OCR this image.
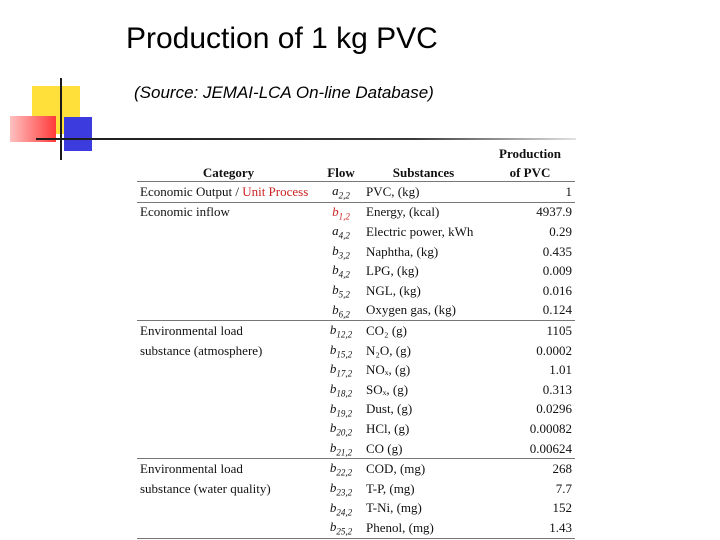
Production of 1 kg PVC
(Source: JEMAI-LCA On-line Database)
			Production
Category	Flow	Substances	of PVC
Economic Output / Unit Process	$a_{2,2}$	PVC, (kg)	1
Economic inflow	$b_{1,2}$	Energy, (kcal)	4937.9
	$a_{4,2}$	Electric power, kWh	0.29
	$b_{3,2}$	Naphtha, (kg)	0.435
	$b_{4,2}$	LPG, (kg)	0.009
	$b_{5,2}$	NGL, (kg)	0.016
	$b_{6,2}$	Oxygen gas, (kg)	0.124
Environmental load	$b_{12,2}$	CO₂ (g)	1105
substance (atmosphere)	$b_{15,2}$	N₂O, (g)	0.0002
	$b_{17,2}$	NOₓ, (g)	1.01
	$b_{18,2}$	SOₓ, (g)	0.313
	$b_{19,2}$	Dust, (g)	0.0296
	$b_{20,2}$	HCl, (g)	0.00082
	$b_{21,2}$	CO (g)	0.00624
Environmental load	$b_{22,2}$	COD, (mg)	268
substance (water quality)	$b_{23,2}$	T-P, (mg)	7.7
	$b_{24,2}$	T-Ni, (mg)	152
	$b_{25,2}$	Phenol, (mg)	1.43
